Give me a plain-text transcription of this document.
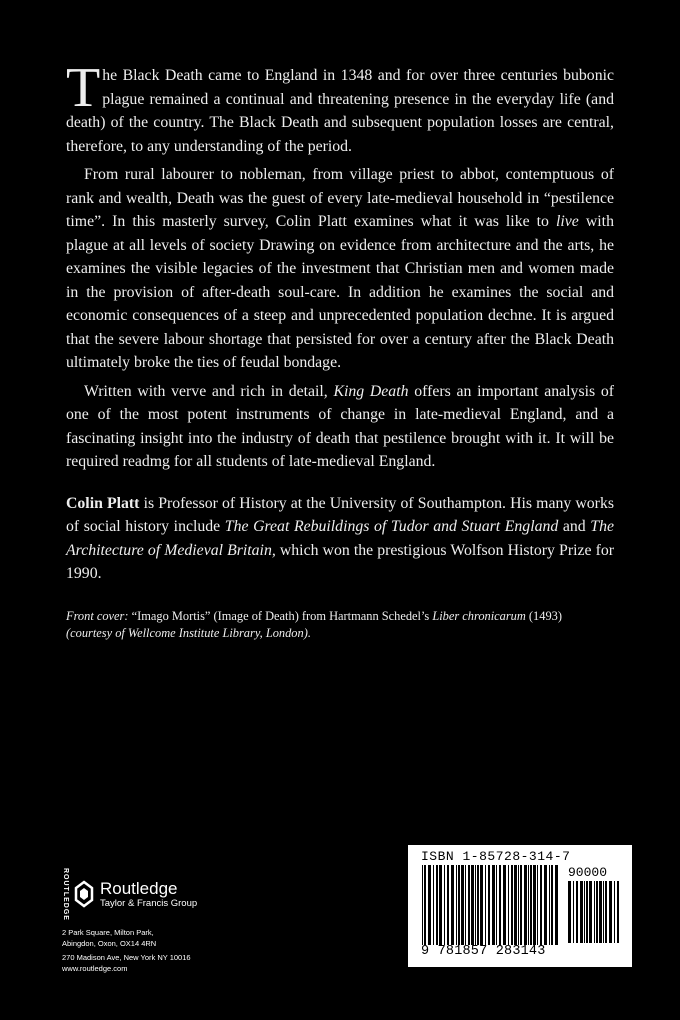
The Black Death came to England in 1348 and for over three centuries bubonic plague remained a continual and threatening presence in the everyday life (and death) of the country. The Black Death and subsequent population losses are central, therefore, to any understanding of the period.

From rural labourer to nobleman, from village priest to abbot, contemptuous of rank and wealth, Death was the guest of every late-medieval household in “pestilence time”. In this masterly survey, Colin Platt examines what it was like to live with plague at all levels of society Drawing on evidence from architecture and the arts, he examines the visible legacies of the investment that Christian men and women made in the provision of after-death soul-care. In addition he examines the social and economic consequences of a steep and unprecedented population dechne. It is argued that the severe labour shortage that persisted for over a century after the Black Death ultimately broke the ties of feudal bondage.

Written with verve and rich in detail, King Death offers an important analysis of one of the most potent instruments of change in late-medieval England, and a fascinating insight into the industry of death that pestilence brought with it. It will be required readmg for all students of late-medieval England.

Colin Platt is Professor of History at the University of Southampton. His many works of social history include The Great Rebuildings of Tudor and Stuart England and The Architecture of Medieval Britain, which won the prestigious Wolfson History Prize for 1990.

Front cover: “Imago Mortis” (Image of Death) from Hartmann Schedel’s Liber chronicarum (1493)
(courtesy of Wellcome Institute Library, London).

ROUTLEDGE Routledge
Taylor & Francis Group
2 Park Square, Milton Park,
Abingdon, Oxon, OX14 4RN
270 Madison Ave, New York NY 10016
www.routledge.com
ISBN 1-85728-314-7
90000
9 781857 283143
